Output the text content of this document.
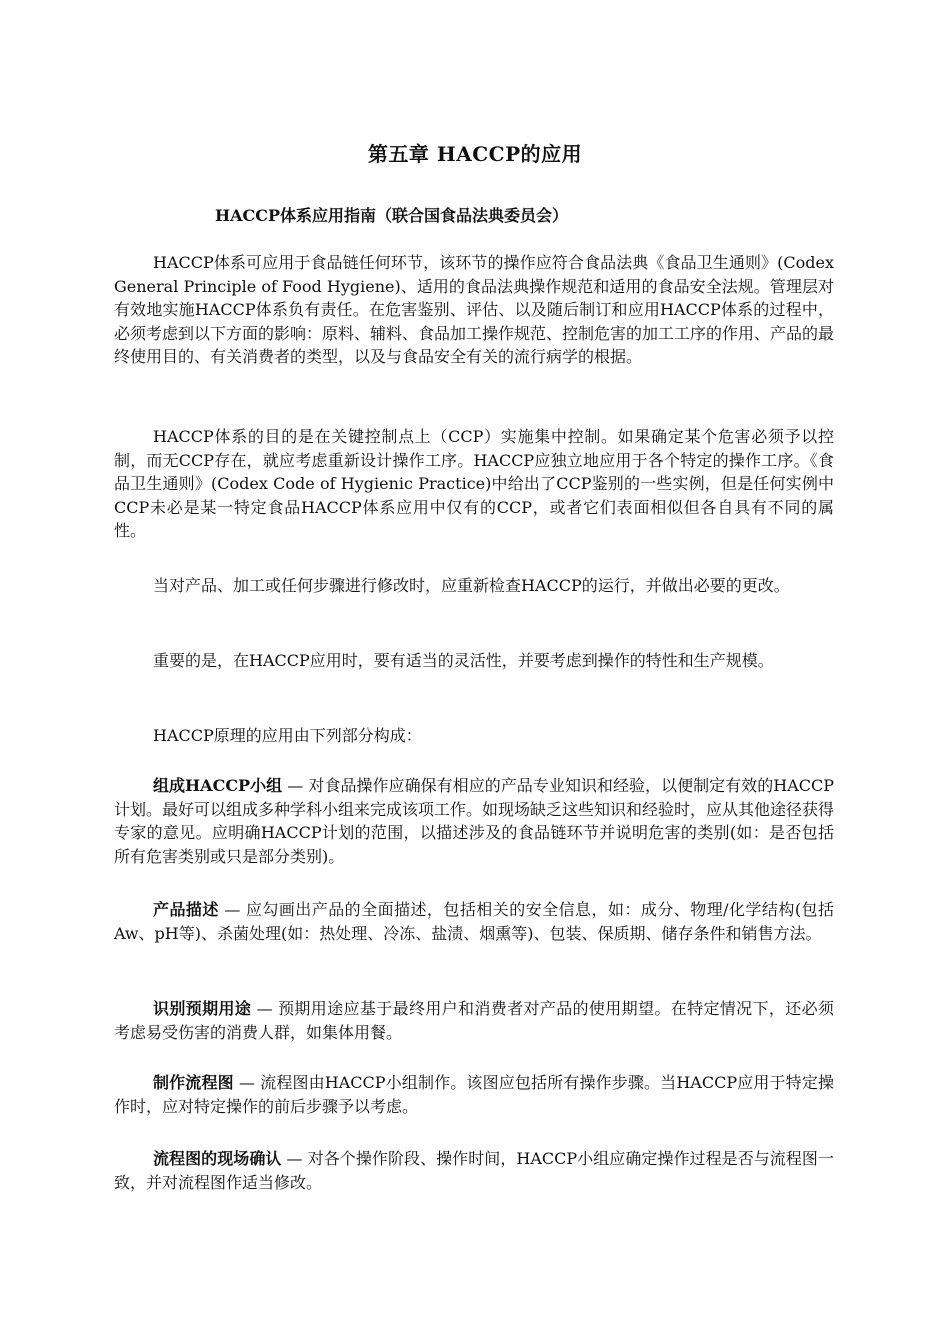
第五章 HACCP的应用
HACCP体系应用指南（联合国食品法典委员会）

HACCP体系可应用于食品链任何环节，该环节的操作应符合食品法典《食品卫生通则》(Codex General Principle of Food Hygiene)、适用的食品法典操作规范和适用的食品安全法规。管理层对有效地实施HACCP体系负有责任。在危害鉴别、评估、以及随后制订和应用HACCP体系的过程中，必须考虑到以下方面的影响：原料、辅料、食品加工操作规范、控制危害的加工工序的作用、产品的最终使用目的、有关消费者的类型，以及与食品安全有关的流行病学的根据。

HACCP体系的目的是在关键控制点上（CCP）实施集中控制。如果确定某个危害必须予以控制，而无CCP存在，就应考虑重新设计操作工序。HACCP应独立地应用于各个特定的操作工序。《食品卫生通则》(Codex Code of Hygienic Practice)中给出了CCP鉴别的一些实例，但是任何实例中CCP未必是某一特定食品HACCP体系应用中仅有的CCP，或者它们表面相似但各自具有不同的属性。

当对产品、加工或任何步骤进行修改时，应重新检查HACCP的运行，并做出必要的更改。

重要的是，在HACCP应用时，要有适当的灵活性，并要考虑到操作的特性和生产规模。

HACCP原理的应用由下列部分构成：

组成HACCP小组 — 对食品操作应确保有相应的产品专业知识和经验，以便制定有效的HACCP计划。最好可以组成多种学科小组来完成该项工作。如现场缺乏这些知识和经验时，应从其他途径获得专家的意见。应明确HACCP计划的范围，以描述涉及的食品链环节并说明危害的类别(如：是否包括所有危害类别或只是部分类别)。

产品描述 — 应勾画出产品的全面描述，包括相关的安全信息，如：成分、物理/化学结构(包括Aw、pH等)、杀菌处理(如：热处理、冷冻、盐渍、烟熏等)、包装、保质期、储存条件和销售方法。

识别预期用途 — 预期用途应基于最终用户和消费者对产品的使用期望。在特定情况下，还必须考虑易受伤害的消费人群，如集体用餐。

制作流程图 — 流程图由HACCP小组制作。该图应包括所有操作步骤。当HACCP应用于特定操作时，应对特定操作的前后步骤予以考虑。

流程图的现场确认 — 对各个操作阶段、操作时间，HACCP小组应确定操作过程是否与流程图一致，并对流程图作适当修改。
